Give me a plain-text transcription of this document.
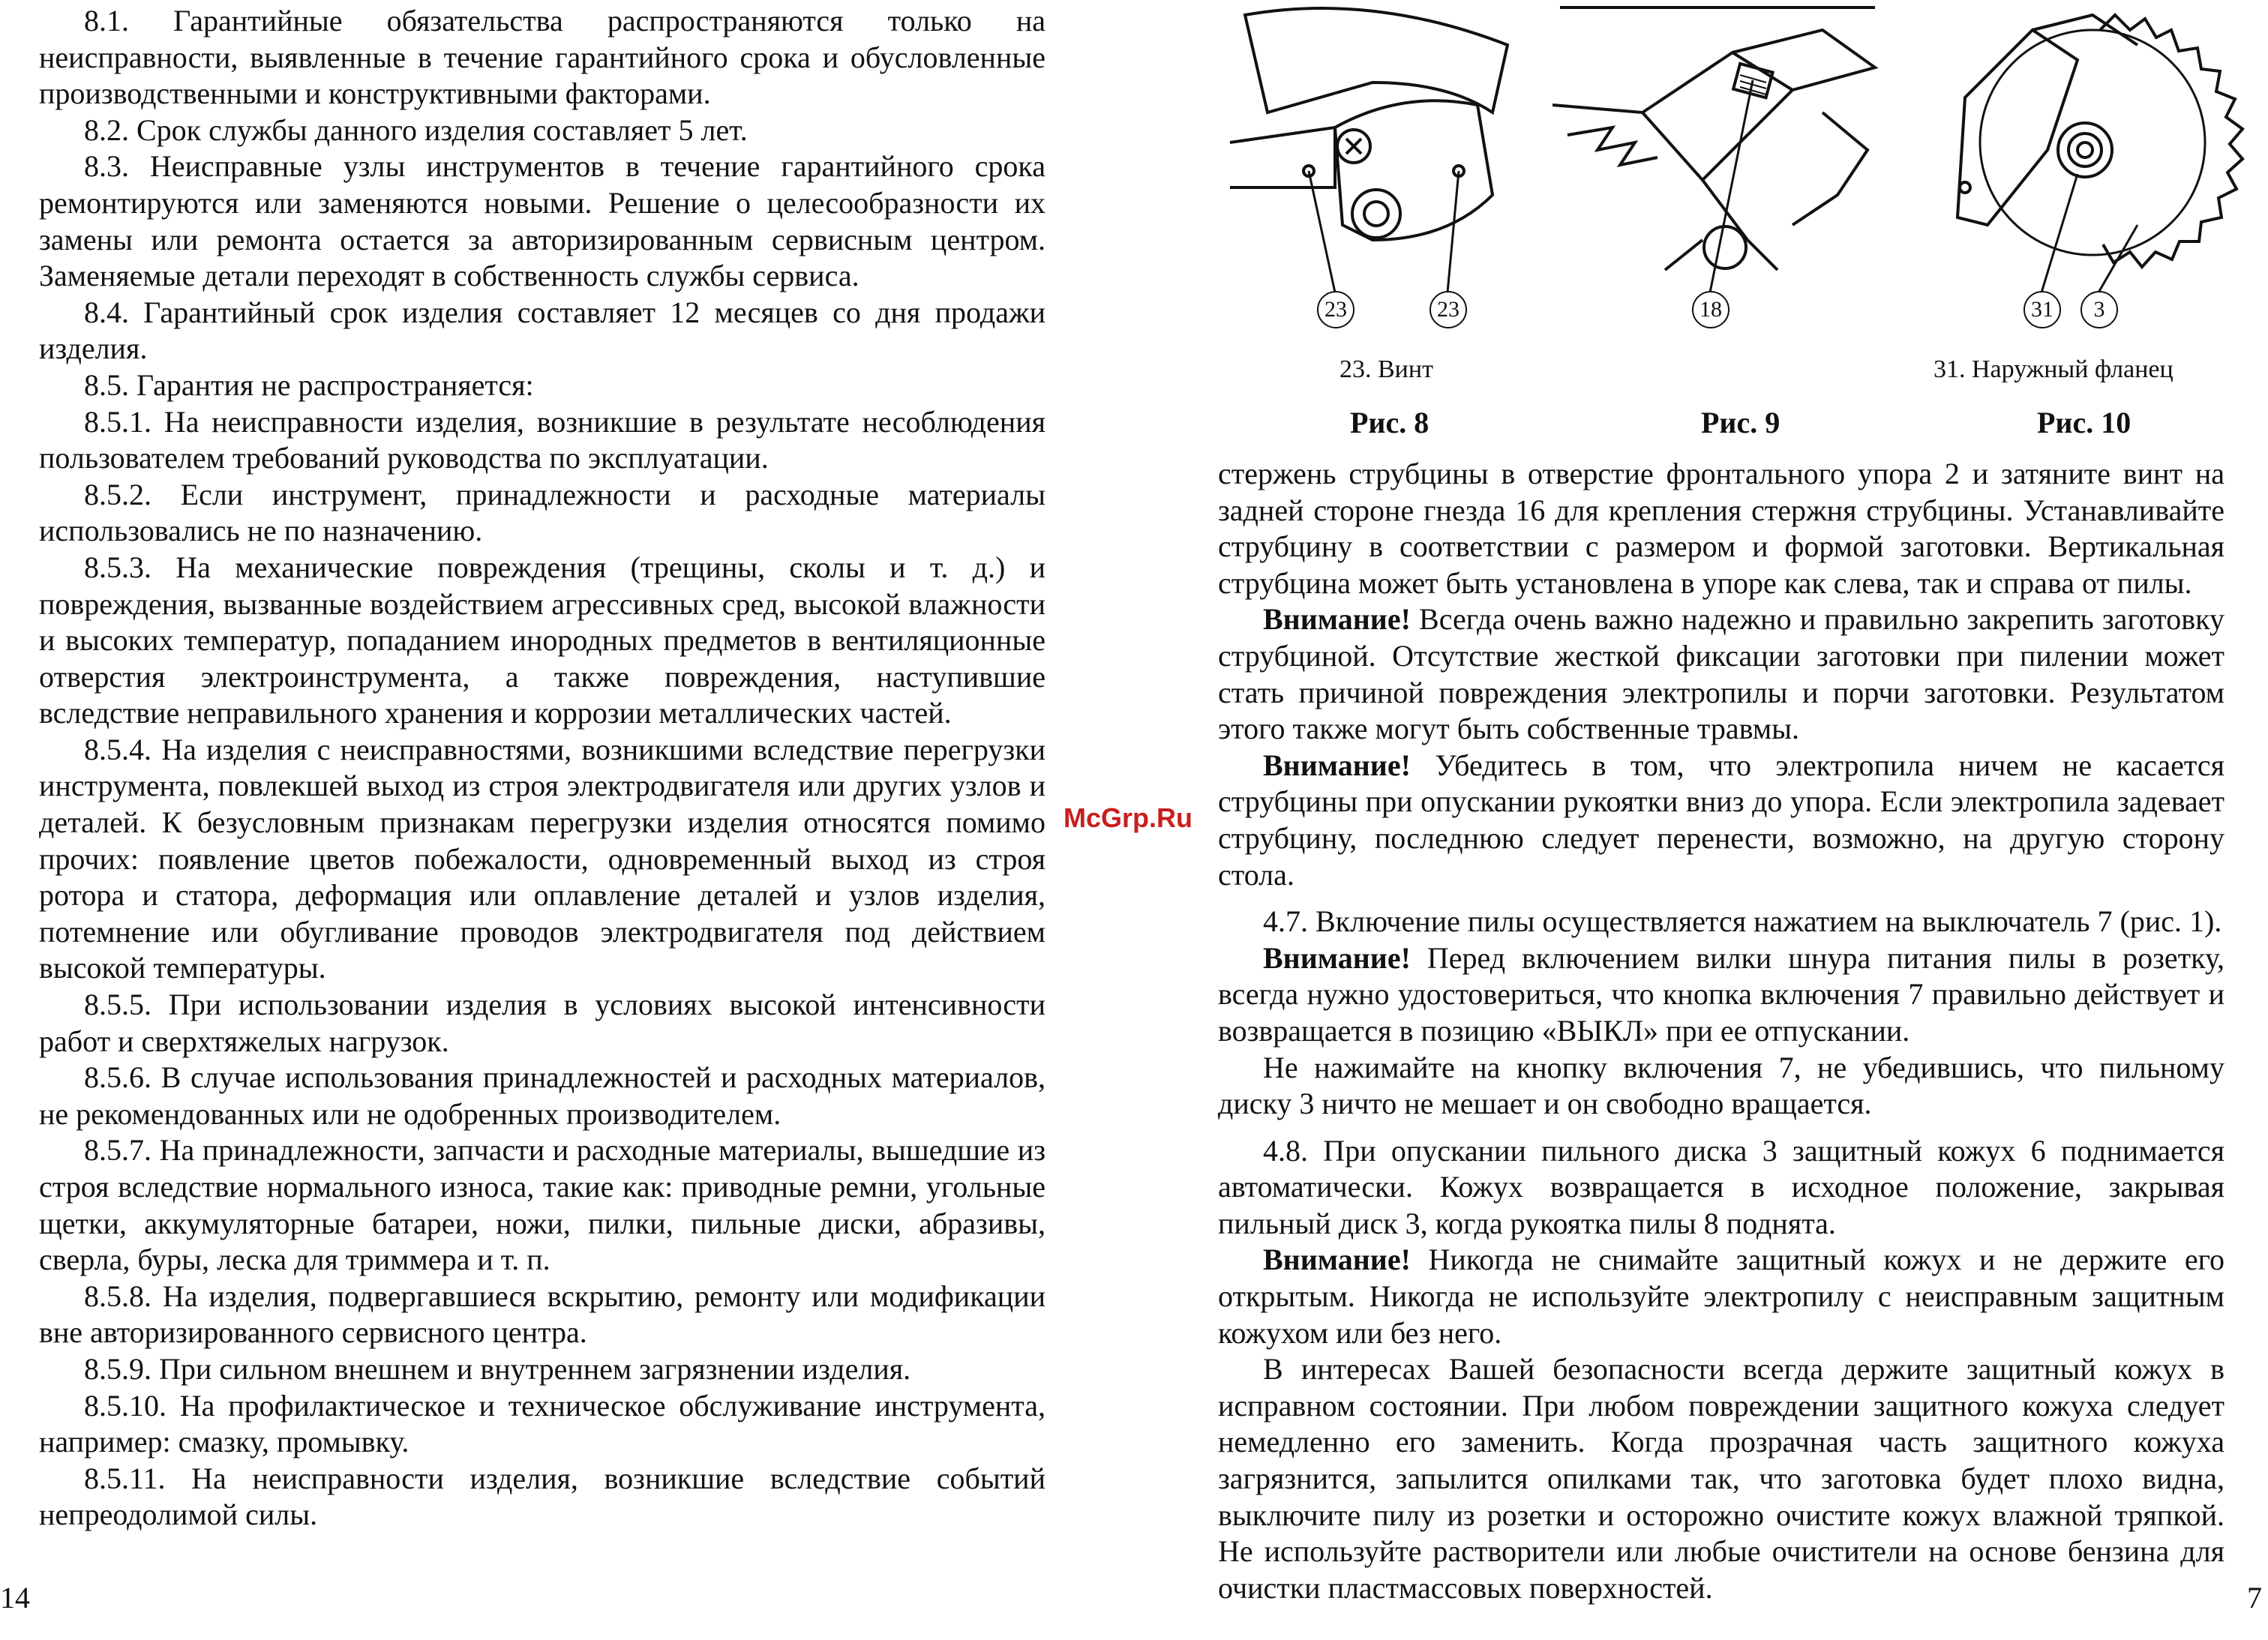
8.1. Гарантийные обязательства распространяются только на неисправности, выявленные в течение гарантийного срока и обусловленные производственными и конструктивными факторами.

8.2. Срок службы данного изделия составляет 5 лет.

8.3. Неисправные узлы инструментов в течение гарантийного срока ремонтируются или заменяются новыми. Решение о целесообразности их замены или ремонта остается за авторизированным сервисным центром. Заменяемые детали переходят в собственность службы сервиса.

8.4. Гарантийный срок изделия составляет 12 месяцев со дня продажи изделия.

8.5. Гарантия не распространяется:

8.5.1. На неисправности изделия, возникшие в результате несоблюдения пользователем требований руководства по эксплуатации.

8.5.2. Если инструмент, принадлежности и расходные материалы использовались не по назначению.

8.5.3. На механические повреждения (трещины, сколы и т. д.) и повреждения, вызванные воздействием агрессивных сред, высокой влажности и высоких температур, попаданием инородных предметов в вентиляционные отверстия электроинструмента, а также повреждения, наступившие вследствие неправильного хранения и коррозии металлических частей.

8.5.4. На изделия с неисправностями, возникшими вследствие перегрузки инструмента, повлекшей выход из строя электродвигателя или других узлов и деталей. К безусловным признакам перегрузки изделия относятся помимо прочих: появление цветов побежалости, одновременный выход из строя ротора и статора, деформация или оплавление деталей и узлов изделия, потемнение или обугливание проводов электродвигателя под действием высокой температуры.

8.5.5. При использовании изделия в условиях высокой интенсивности работ и сверхтяжелых нагрузок.

8.5.6. В случае использования принадлежностей и расходных материалов, не рекомендованных или не одобренных производителем.

8.5.7. На принадлежности, запчасти и расходные материалы, вышедшие из строя вследствие нормального износа, такие как: приводные ремни, угольные щетки, аккумуляторные батареи, ножи, пилки, пильные диски, абразивы, сверла, буры, леска для триммера и т. п.

8.5.8. На изделия, подвергавшиеся вскрытию, ремонту или модификации вне авторизированного сервисного центра.

8.5.9. При сильном внешнем и внутреннем загрязнении изделия.

8.5.10. На профилактическое и техническое обслуживание инструмента, например: смазку, промывку.

8.5.11. На неисправности изделия, возникшие вследствие событий непреодолимой силы.

14	7
McGrp.Ru
23	23
23. Винт
Рис. 8
18
Рис. 9
31	3
31. Наружный фланец
Рис. 10

стержень струбцины в отверстие фронтального упора 2 и затяните винт на задней стороне гнезда 16 для крепления стержня струбцины. Устанавливайте струбцину в соответствии с размером и формой заготовки. Вертикальная струбцина может быть установлена в упоре как слева, так и справа от пилы.

Внимание! Всегда очень важно надежно и правильно закрепить заготовку струбциной. Отсутствие жесткой фиксации заготовки при пилении может стать причиной повреждения электропилы и порчи заготовки. Результатом этого также могут быть собственные травмы.

Внимание! Убедитесь в том, что электропила ничем не касается струбцины при опускании рукоятки вниз до упора. Если электропила задевает струбцину, последнюю следует перенести, возможно, на другую сторону стола.

4.7. Включение пилы осуществляется нажатием на выключатель 7 (рис. 1).

Внимание! Перед включением вилки шнура питания пилы в розетку, всегда нужно удостовериться, что кнопка включения 7 правильно действует и возвращается в позицию «ВЫКЛ» при ее отпускании.

Не нажимайте на кнопку включения 7, не убедившись, что пильному диску 3 ничто не мешает и он свободно вращается.

4.8. При опускании пильного диска 3 защитный кожух 6 поднимается автоматически. Кожух возвращается в исходное положение, закрывая пильный диск 3, когда рукоятка пилы 8 поднята.

Внимание! Никогда не снимайте защитный кожух и не держите его открытым. Никогда не используйте электропилу с неисправным защитным кожухом или без него.

В интересах Вашей безопасности всегда держите защитный кожух в исправном состоянии. При любом повреждении защитного кожуха следует немедленно его заменить. Когда прозрачная часть защитного кожуха загрязнится, запылится опилками так, что заготовка будет плохо видна, выключите пилу из розетки и осторожно очистите кожух влажной тряпкой. Не используйте растворители или любые очистители на основе бензина для очистки пластмассовых поверхностей.
